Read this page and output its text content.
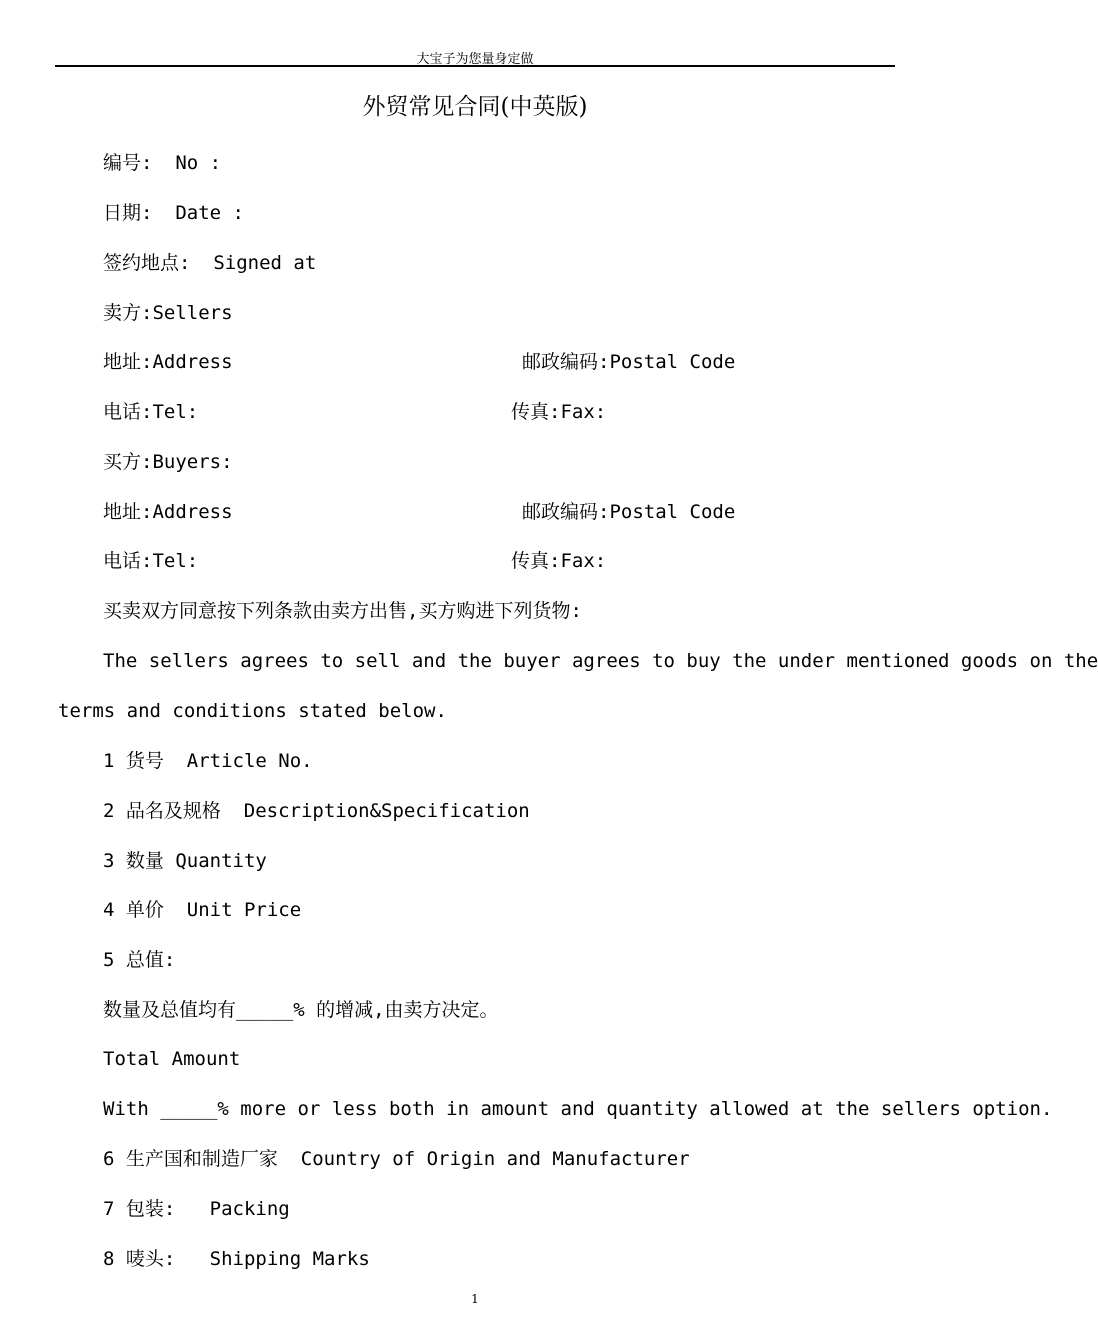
大宝子为您量身定做
外贸常见合同(中英版)
编号:  No :
日期:  Date :
签约地点:  Signed at
卖方:Sellers
地址:Address	邮政编码:Postal Code
电话:Tel:	传真:Fax:
买方:Buyers:
地址:Address	邮政编码:Postal Code
电话:Tel:	传真:Fax:
买卖双方同意按下列条款由卖方出售,买方购进下列货物:
The sellers agrees to sell and the buyer agrees to buy the under mentioned goods on the
terms and conditions stated below.
1 货号  Article No.
2 品名及规格  Description&Specification
3 数量 Quantity
4 单价  Unit Price
5 总值:
数量及总值均有_____% 的增减,由卖方决定。
Total Amount
With _____% more or less both in amount and quantity allowed at the sellers option.
6 生产国和制造厂家  Country of Origin and Manufacturer
7 包装:   Packing
8 唛头:   Shipping Marks
1
